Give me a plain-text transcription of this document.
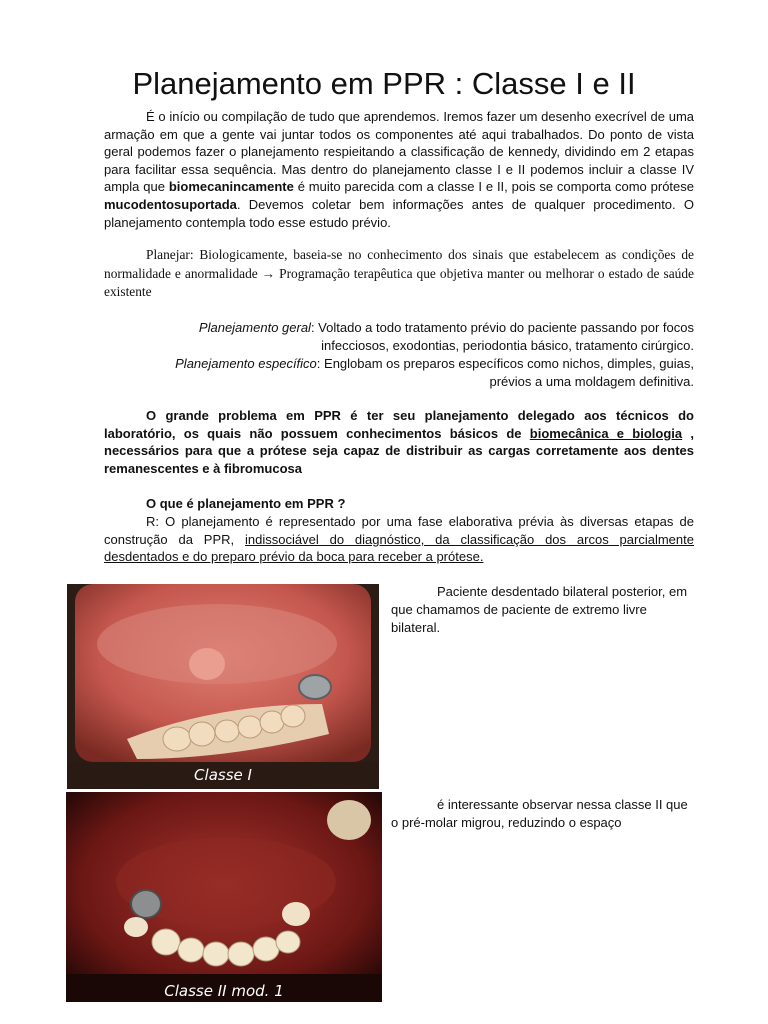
Planejamento em PPR : Classe I e II

É o início ou compilação de tudo que aprendemos. Iremos fazer um desenho execrível de uma armação em que a gente vai juntar todos os componentes até aqui trabalhados. Do ponto de vista geral podemos fazer o planejamento respieitando a classificação de kennedy, dividindo em 2 etapas para facilitar essa sequência. Mas dentro do planejamento classe I e II podemos incluir a classe IV ampla que biomecanincamente é muito parecida com a classe I e II, pois se comporta como prótese mucodentosuportada. Devemos coletar bem informações antes de qualquer procedimento. O planejamento contempla todo esse estudo prévio.

Planejar: Biologicamente, baseia-se no conhecimento dos sinais que estabelecem as condições de normalidade e anormalidade → Programação terapêutica que objetiva manter ou melhorar o estado de saúde existente

Planejamento geral: Voltado a todo tratamento prévio do paciente passando por focos
infecciosos, exodontias, periodontia básico, tratamento cirúrgico.

Planejamento específico: Englobam os preparos específicos como nichos, dimples, guias,
prévios a uma moldagem definitiva.

O grande problema em PPR é ter seu planejamento delegado aos técnicos do laboratório, os quais não possuem conhecimentos básicos de biomecânica e biologia , necessários para que a prótese seja capaz de distribuir as cargas corretamente aos dentes remanescentes e à fibromucosa

O que é planejamento em PPR ?

R: O planejamento é representado por uma fase elaborativa prévia às diversas etapas de construção da PPR, indissociável do diagnóstico, da classificação dos arcos parcialmente desdentados e do preparo prévio da boca para receber a prótese.

Classe I

Paciente desdentado bilateral posterior, em que chamamos de paciente de extremo livre bilateral.

Classe II mod. 1

é interessante observar nessa classe II que o pré-molar migrou, reduzindo o espaço
